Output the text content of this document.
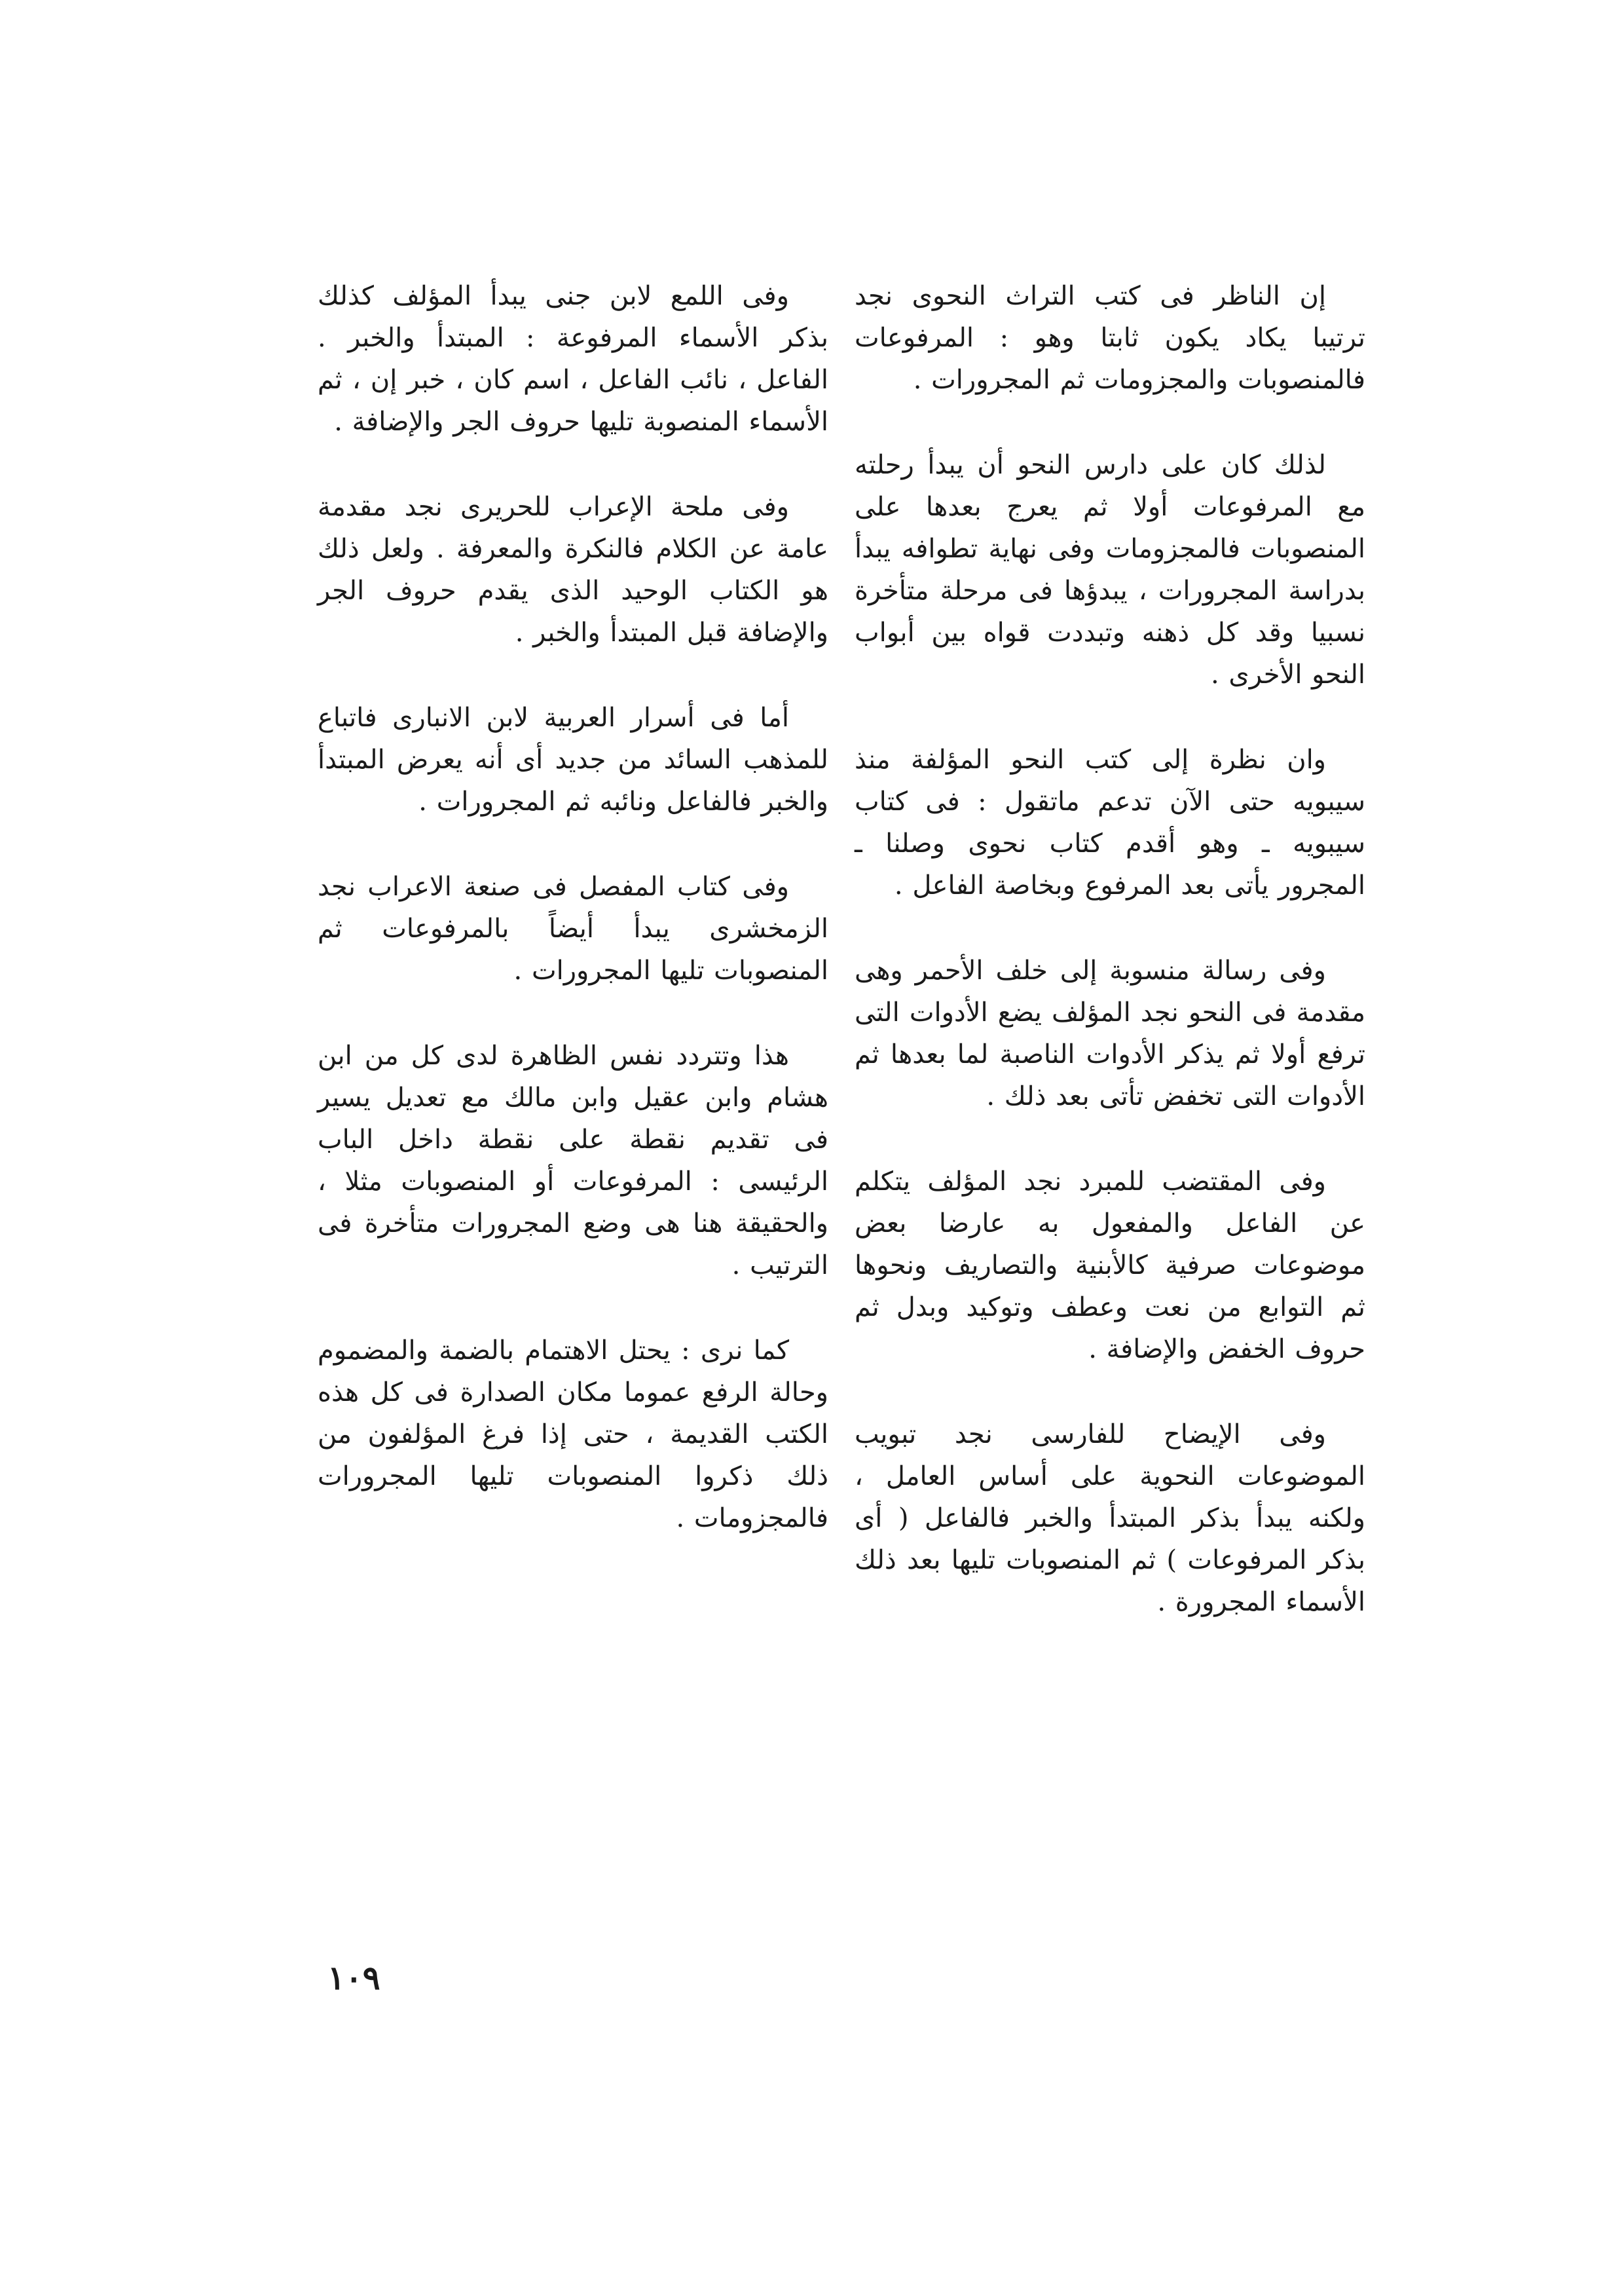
إن الناظر فى كتب التراث النحوى نجد ترتيبا يكاد يكون ثابتا وهو : المرفوعات فالمنصوبات والمجزومات ثم المجرورات .

لذلك كان على دارس النحو أن يبدأ رحلته مع المرفوعات أولا ثم يعرج بعدها على المنصوبات فالمجزومات وفى نهاية تطوافه يبدأ بدراسة المجرورات ، يبدؤها فى مرحلة متأخرة نسبيا وقد كل ذهنه وتبددت قواه بين أبواب النحو الأخرى .

وان نظرة إلى كتب النحو المؤلفة منذ سيبويه حتى الآن تدعم ماتقول : فى كتاب سيبويه ـ وهو أقدم كتاب نحوى وصلنا ـ المجرور يأتى بعد المرفوع وبخاصة الفاعل .

وفى رسالة منسوبة إلى خلف الأحمر وهى مقدمة فى النحو نجد المؤلف يضع الأدوات التى ترفع أولا ثم يذكر الأدوات الناصبة لما بعدها ثم الأدوات التى تخفض تأتى بعد ذلك .

وفى المقتضب للمبرد نجد المؤلف يتكلم عن الفاعل والمفعول به عارضا بعض موضوعات صرفية كالأبنية والتصاريف ونحوها ثم التوابع من نعت وعطف وتوكيد وبدل ثم حروف الخفض والإضافة .

وفى الإيضاح للفارسى نجد تبويب الموضوعات النحوية على أساس العامل ، ولكنه يبدأ بذكر المبتدأ والخبر فالفاعل ( أى بذكر المرفوعات ) ثم المنصوبات تليها بعد ذلك الأسماء المجرورة .

وفى اللمع لابن جنى يبدأ المؤلف كذلك بذكر الأسماء المرفوعة : المبتدأ والخبر . الفاعل ، نائب الفاعل ، اسم كان ، خبر إن ، ثم الأسماء المنصوبة تليها حروف الجر والإضافة .

وفى ملحة الإعراب للحريرى نجد مقدمة عامة عن الكلام فالنكرة والمعرفة . ولعل ذلك هو الكتاب الوحيد الذى يقدم حروف الجر والإضافة قبل المبتدأ والخبر .

أما فى أسرار العربية لابن الانبارى فاتباع للمذهب السائد من جديد أى أنه يعرض المبتدأ والخبر فالفاعل ونائبه ثم المجرورات .

وفى كتاب المفصل فى صنعة الاعراب نجد الزمخشرى يبدأ أيضاً بالمرفوعات ثم المنصوبات تليها المجرورات .

هذا وتتردد نفس الظاهرة لدى كل من ابن هشام وابن عقيل وابن مالك مع تعديل يسير فى تقديم نقطة على نقطة داخل الباب الرئيسى : المرفوعات أو المنصوبات مثلا ، والحقيقة هنا هى وضع المجرورات متأخرة فى الترتيب .

كما نرى : يحتل الاهتمام بالضمة والمضموم وحالة الرفع عموما مكان الصدارة فى كل هذه الكتب القديمة ، حتى إذا فرغ المؤلفون من ذلك ذكروا المنصوبات تليها المجرورات فالمجزومات .

١٠٩
